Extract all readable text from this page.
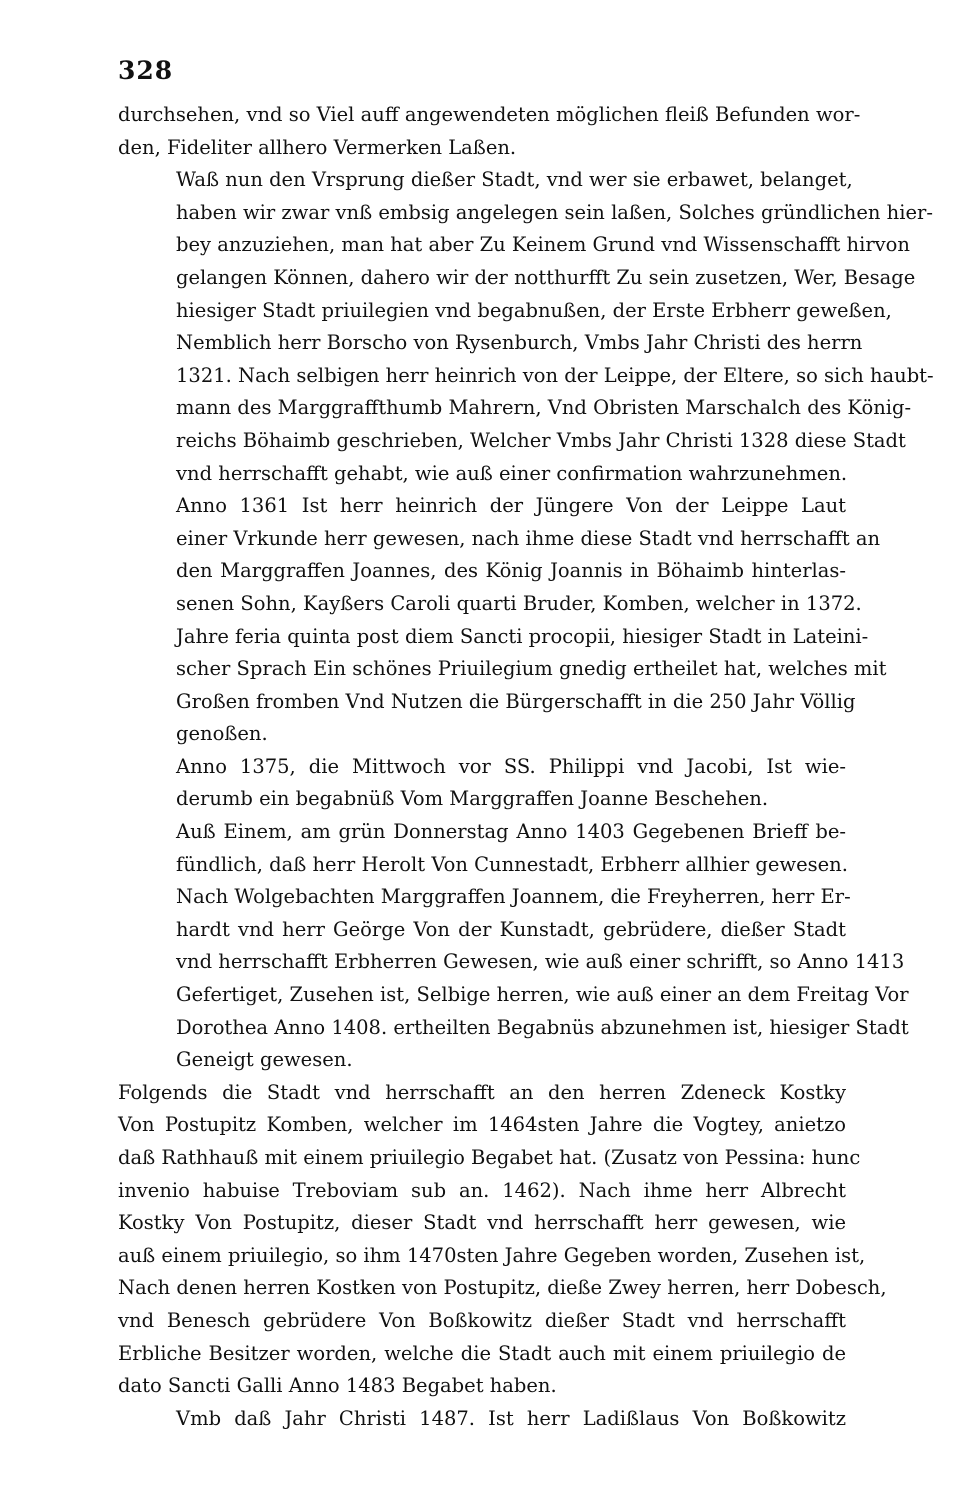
328

durchsehen, vnd so Viel auff angewendeten möglichen fleiß Befunden wor-
den, Fideliter allhero Vermerken Laßen.

Waß nun den Vrsprung dießer Stadt, vnd wer sie erbawet, belanget,
haben wir zwar vnß embsig angelegen sein laßen, Solches gründlichen hier-
bey anzuziehen, man hat aber Zu Keinem Grund vnd Wissenschafft hirvon
gelangen Können, dahero wir der notthurfft Zu sein zusetzen, Wer, Besage
hiesiger Stadt priuilegien vnd begabnußen, der Erste Erbherr geweßen,
Nemblich herr Borscho von Rysenburch, Vmbs Jahr Christi des herrn
1321. Nach selbigen herr heinrich von der Leippe, der Eltere, so sich haubt-
mann des Marggraffthumb Mahrern, Vnd Obristen Marschalch des König-
reichs Böhaimb geschrieben, Welcher Vmbs Jahr Christi 1328 diese Stadt
vnd herrschafft gehabt, wie auß einer confirmation wahrzunehmen.

Anno 1361 Ist herr heinrich der Jüngere Von der Leippe Laut
einer Vrkunde herr gewesen, nach ihme diese Stadt vnd herrschafft an
den Marggraffen Joannes, des König Joannis in Böhaimb hinterlas-
senen Sohn, Kayßers Caroli quarti Bruder, Komben, welcher in 1372.
Jahre feria quinta post diem Sancti procopii, hiesiger Stadt in Lateini-
scher Sprach Ein schönes Priuilegium gnedig ertheilet hat, welches mit
Großen fromben Vnd Nutzen die Bürgerschafft in die 250 Jahr Völlig
genoßen.

Anno 1375, die Mittwoch vor SS. Philippi vnd Jacobi, Ist wie-
derumb ein begabnüß Vom Marggraffen Joanne Beschehen.

Auß Einem, am grün Donnerstag Anno 1403 Gegebenen Brieff be-
fündlich, daß herr Herolt Von Cunnestadt, Erbherr allhier gewesen.

Nach Wolgebachten Marggraffen Joannem, die Freyherren, herr Er-
hardt vnd herr Geörge Von der Kunstadt, gebrüdere, dießer Stadt
vnd herrschafft Erbherren Gewesen, wie auß einer schrifft, so Anno 1413
Gefertiget, Zusehen ist, Selbige herren, wie auß einer an dem Freitag Vor
Dorothea Anno 1408. ertheilten Begabnüs abzunehmen ist, hiesiger Stadt
Geneigt gewesen.

Folgends die Stadt vnd herrschafft an den herren Zdeneck Kostky
Von Postupitz Komben, welcher im 1464sten Jahre die Vogtey, anietzo
daß Rathhauß mit einem priuilegio Begabet hat. (Zusatz von Pessina: hunc
invenio habuise Treboviam sub an. 1462). Nach ihme herr Albrecht
Kostky Von Postupitz, dieser Stadt vnd herrschafft herr gewesen, wie
auß einem priuilegio, so ihm 1470sten Jahre Gegeben worden, Zusehen ist,
Nach denen herren Kostken von Postupitz, dieße Zwey herren, herr Dobesch,
vnd Benesch gebrüdere Von Boßkowitz dießer Stadt vnd herrschafft
Erbliche Besitzer worden, welche die Stadt auch mit einem priuilegio de
dato Sancti Galli Anno 1483 Begabet haben.

Vmb daß Jahr Christi 1487. Ist herr Ladißlaus Von Boßkowitz
